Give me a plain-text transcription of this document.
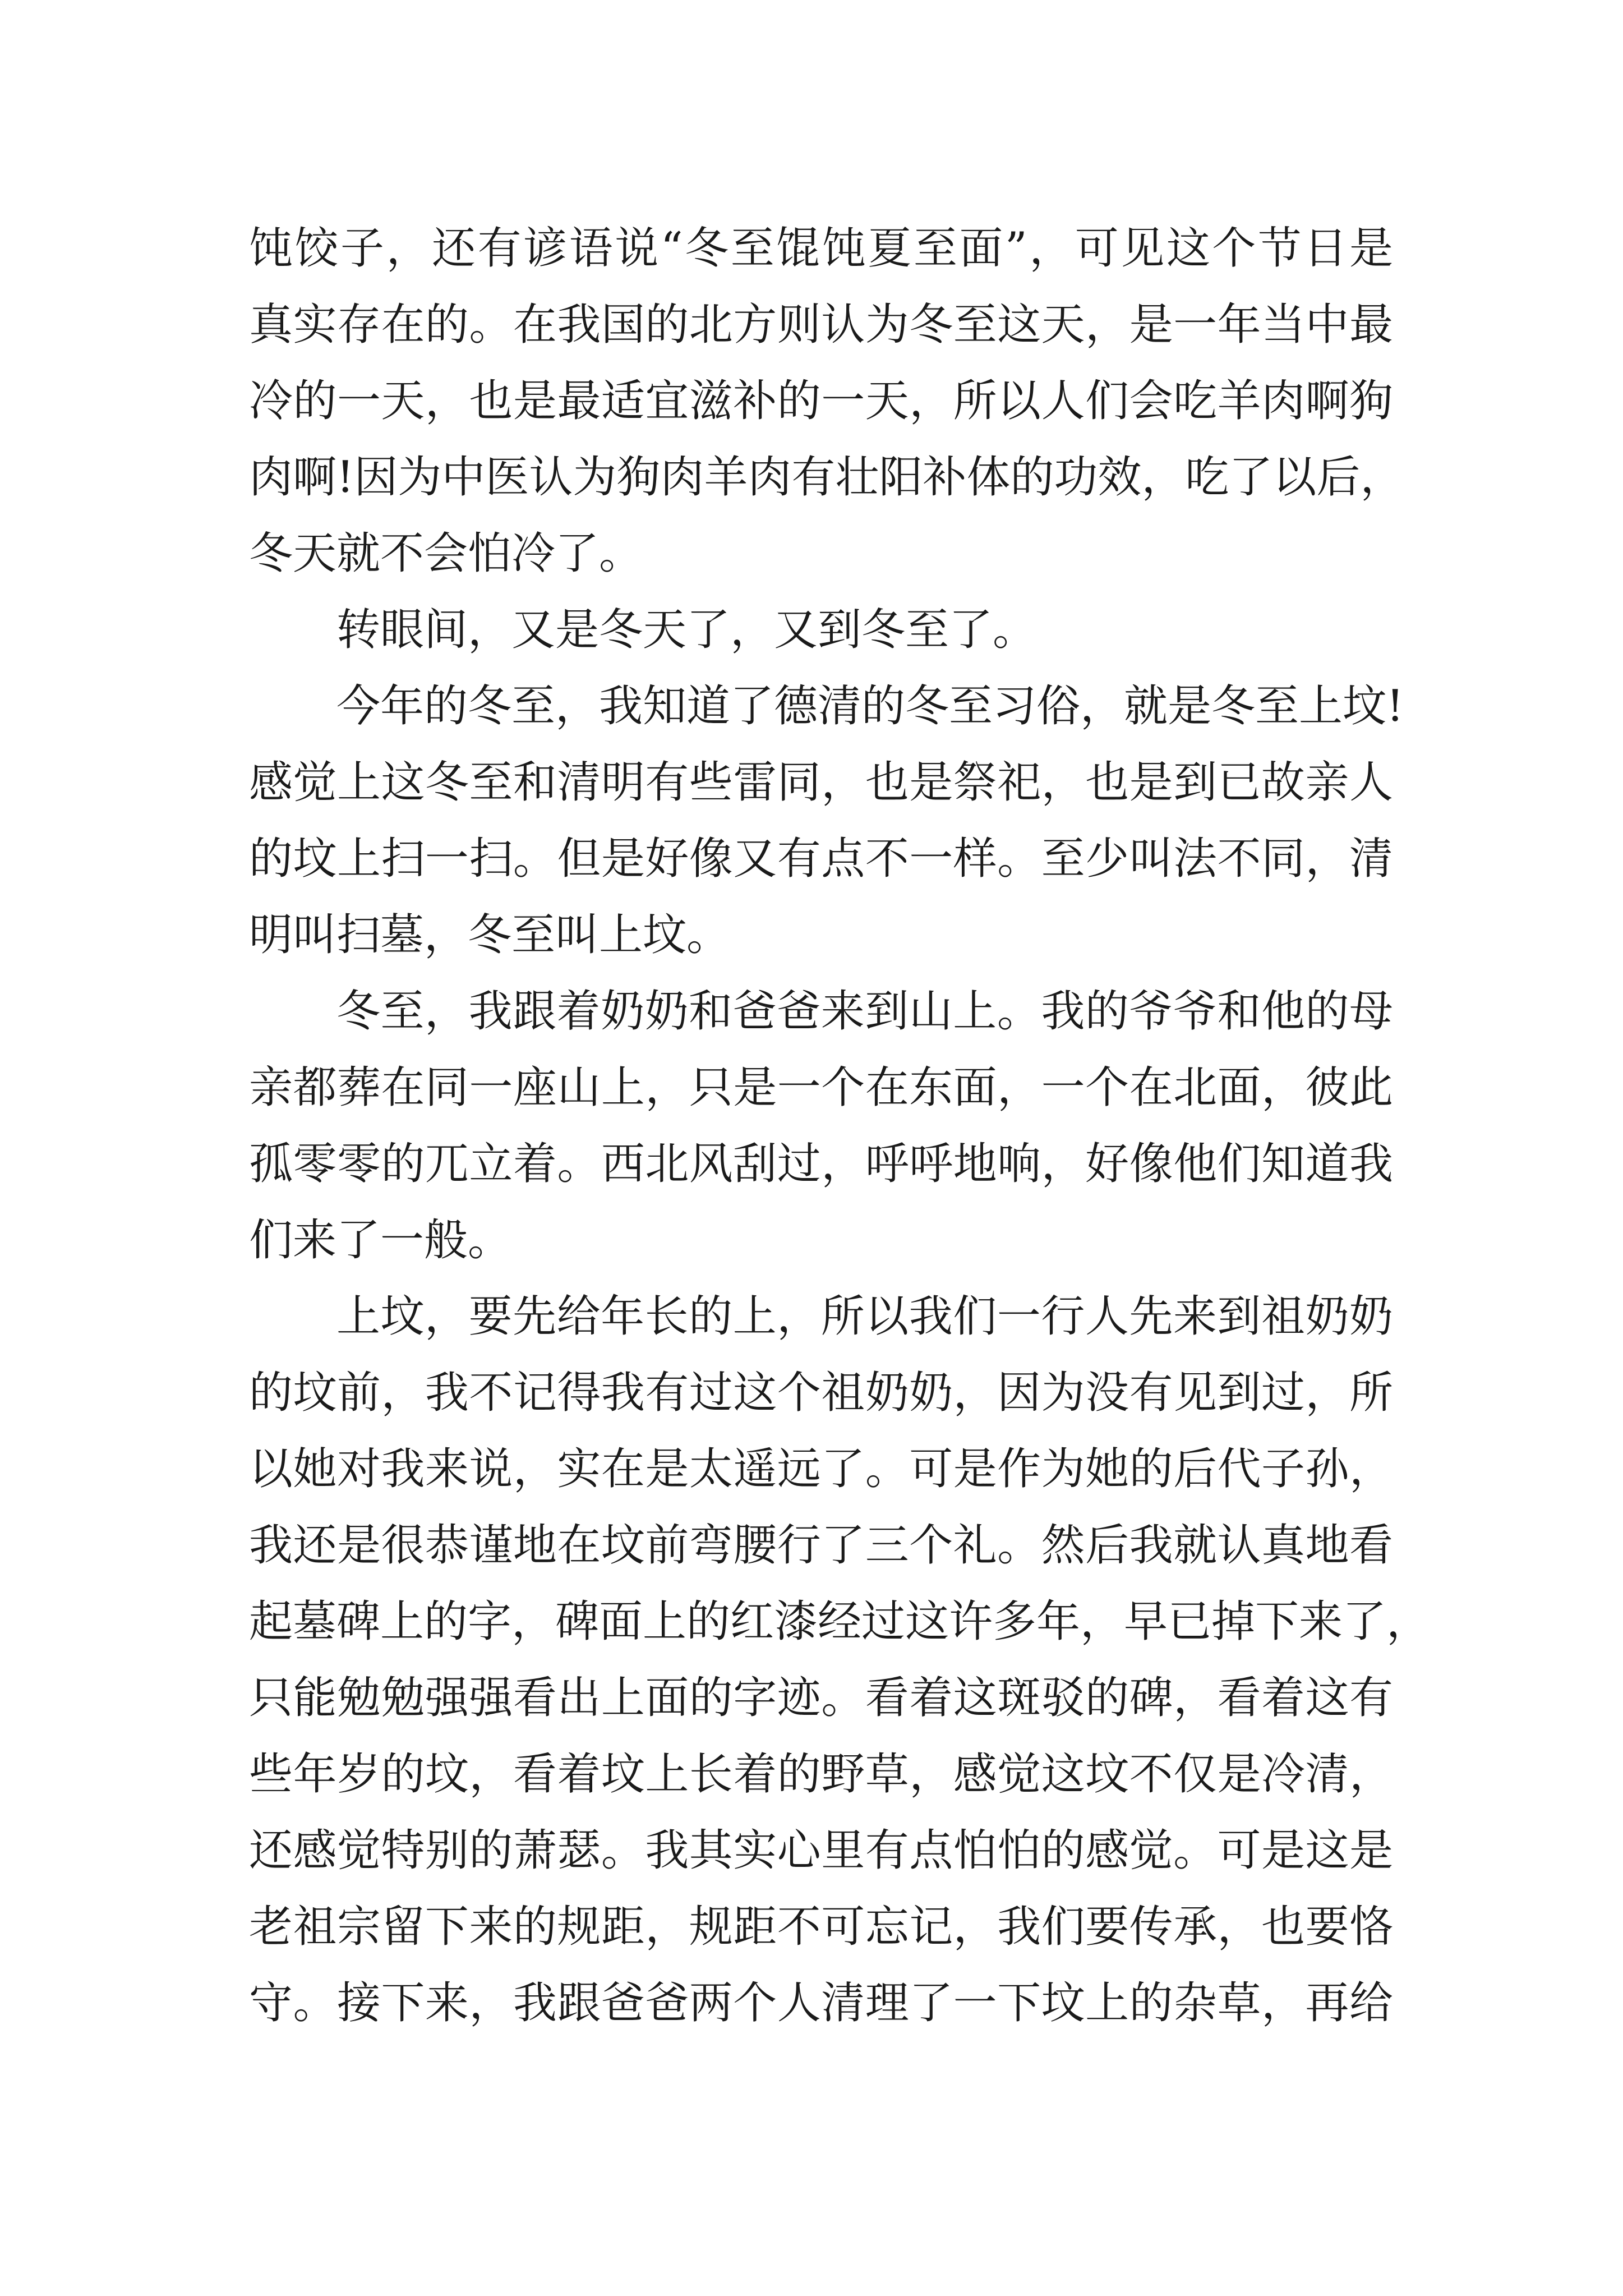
饨饺子，还有谚语说“冬至馄饨夏至面”，可见这个节日是
真实存在的。在我国的北方则认为冬至这天，是一年当中最
冷的一天，也是最适宜滋补的一天，所以人们会吃羊肉啊狗
肉啊!因为中医认为狗肉羊肉有壮阳补体的功效，吃了以后，
冬天就不会怕冷了。
转眼间，又是冬天了，又到冬至了。
今年的冬至，我知道了德清的冬至习俗，就是冬至上坟!
感觉上这冬至和清明有些雷同，也是祭祀，也是到已故亲人
的坟上扫一扫。但是好像又有点不一样。至少叫法不同，清
明叫扫墓，冬至叫上坟。
冬至，我跟着奶奶和爸爸来到山上。我的爷爷和他的母
亲都葬在同一座山上，只是一个在东面，一个在北面，彼此
孤零零的兀立着。西北风刮过，呼呼地响，好像他们知道我
们来了一般。
上坟，要先给年长的上，所以我们一行人先来到祖奶奶
的坟前，我不记得我有过这个祖奶奶，因为没有见到过，所
以她对我来说，实在是太遥远了。可是作为她的后代子孙，
我还是很恭谨地在坟前弯腰行了三个礼。然后我就认真地看
起墓碑上的字，碑面上的红漆经过这许多年，早已掉下来了，
只能勉勉强强看出上面的字迹。看着这斑驳的碑，看着这有
些年岁的坟，看着坟上长着的野草，感觉这坟不仅是冷清，
还感觉特别的萧瑟。我其实心里有点怕怕的感觉。可是这是
老祖宗留下来的规距，规距不可忘记，我们要传承，也要恪
守。接下来，我跟爸爸两个人清理了一下坟上的杂草，再给
